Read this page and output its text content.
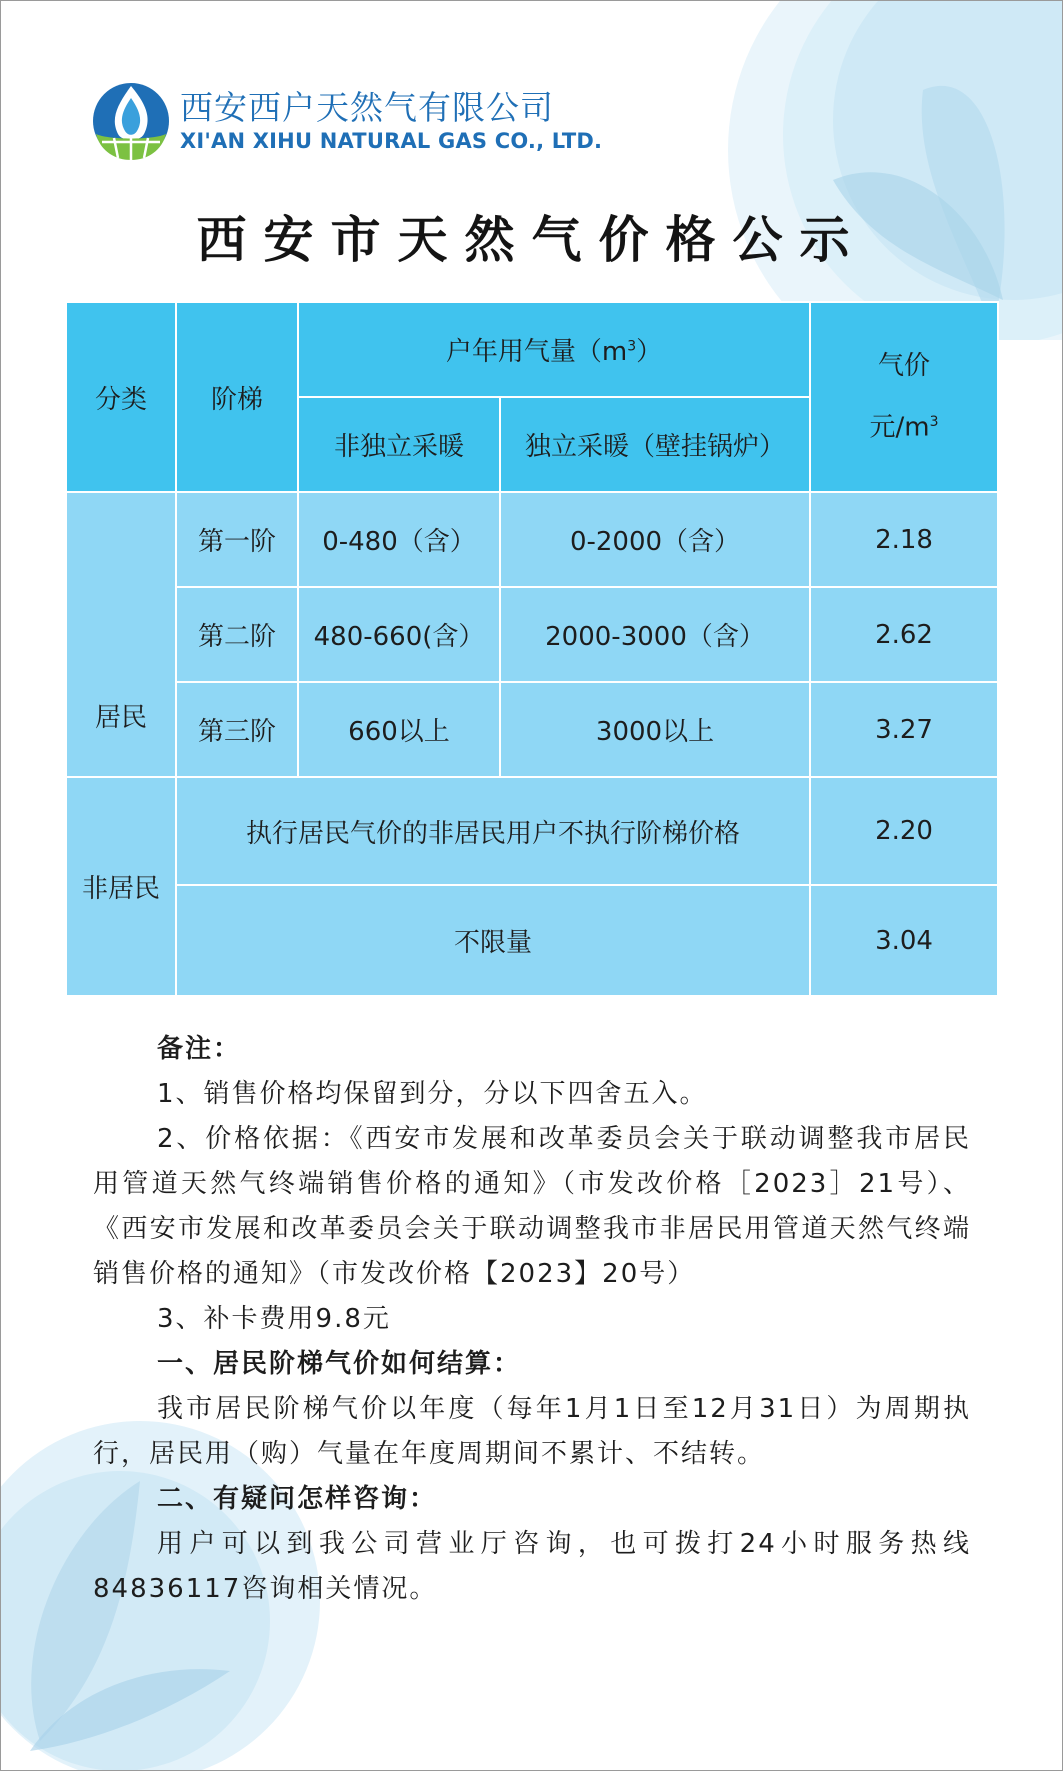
西安西户天然气有限公司
XI'AN XIHU NATURAL GAS CO., LTD.
西安市天然气价格公示
分类	阶梯	户年用气量$(m^3)$		气价
元$/m^3$

		非独立采暖	独立采暖（壁挂锅炉）	
居民	第一阶	0-480（含）	0-2000（含）	2.18
	第二阶	480-660(含）	2000-3000（含）	2.62
	第三阶	660以上	3000以上	3.27
非居民	执行居民气价的非居民用户不执行阶梯价格			2.20
	不限量			3.04

备注：

1、销售价格均保留到分，分以下四舍五入。

2、价格依据：《西安市发展和改革委员会关于联动调整我市居民用管道天然气终端销售价格的通知》（市发改价格［2023］21号）、《西安市发展和改革委员会关于联动调整我市非居民用管道天然气终端销售价格的通知》（市发改价格【2023】20号）

3、补卡费用9.8元

一、居民阶梯气价如何结算：

我市居民阶梯气价以年度（每年1月1日至12月31日）为周期执行，居民用（购）气量在年度周期间不累计、不结转。

二、有疑问怎样咨询：

用户可以到我公司营业厅咨询，也可拨打24小时服务热线84836117咨询相关情况。
